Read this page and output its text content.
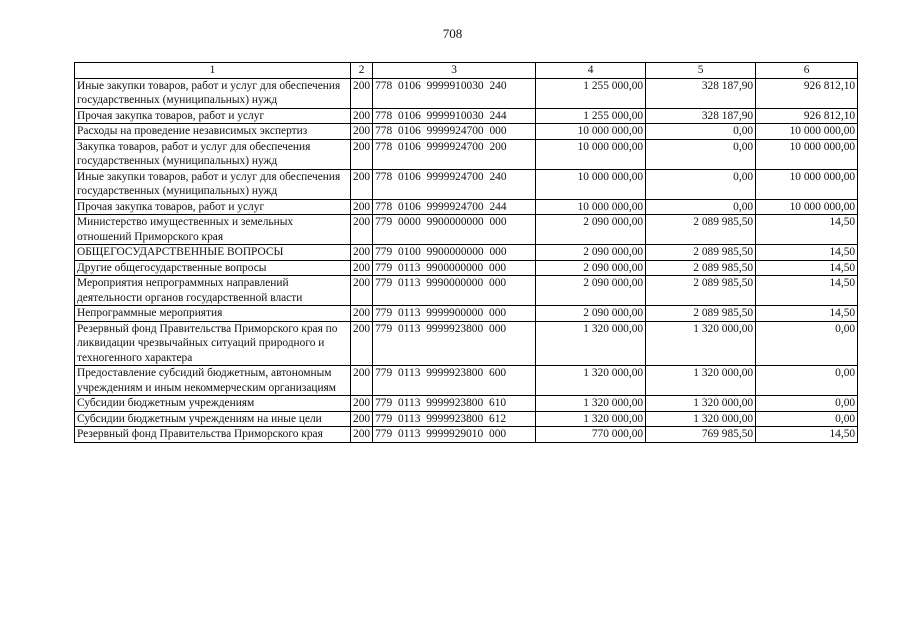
708
1	2	3	4	5	6
Иные закупки товаров, работ и услуг для обеспечения государственных (муниципальных) нужд	200	778 0106 9999910030 240	1 255 000,00	328 187,90	926 812,10
Прочая закупка товаров, работ и услуг	200	778 0106 9999910030 244	1 255 000,00	328 187,90	926 812,10
Расходы на проведение независимых экспертиз	200	778 0106 9999924700 000	10 000 000,00	0,00	10 000 000,00
Закупка товаров, работ и услуг для обеспечения государственных (муниципальных) нужд	200	778 0106 9999924700 200	10 000 000,00	0,00	10 000 000,00
Иные закупки товаров, работ и услуг для обеспечения государственных (муниципальных) нужд	200	778 0106 9999924700 240	10 000 000,00	0,00	10 000 000,00
Прочая закупка товаров, работ и услуг	200	778 0106 9999924700 244	10 000 000,00	0,00	10 000 000,00
Министерство имущественных и земельных отношений Приморского края	200	779 0000 9900000000 000	2 090 000,00	2 089 985,50	14,50
ОБЩЕГОСУДАРСТВЕННЫЕ ВОПРОСЫ	200	779 0100 9900000000 000	2 090 000,00	2 089 985,50	14,50
Другие общегосударственные вопросы	200	779 0113 9900000000 000	2 090 000,00	2 089 985,50	14,50
Мероприятия непрограммных направлений деятельности органов государственной власти	200	779 0113 9990000000 000	2 090 000,00	2 089 985,50	14,50
Непрограммные мероприятия	200	779 0113 9999900000 000	2 090 000,00	2 089 985,50	14,50
Резервный фонд Правительства Приморского края по ликвидации чрезвычайных ситуаций природного и техногенного характера	200	779 0113 9999923800 000	1 320 000,00	1 320 000,00	0,00
Предоставление субсидий бюджетным, автономным учреждениям и иным некоммерческим организациям	200	779 0113 9999923800 600	1 320 000,00	1 320 000,00	0,00
Субсидии бюджетным учреждениям	200	779 0113 9999923800 610	1 320 000,00	1 320 000,00	0,00
Субсидии бюджетным учреждениям на иные цели	200	779 0113 9999923800 612	1 320 000,00	1 320 000,00	0,00
Резервный фонд Правительства Приморского края	200	779 0113 9999929010 000	770 000,00	769 985,50	14,50
